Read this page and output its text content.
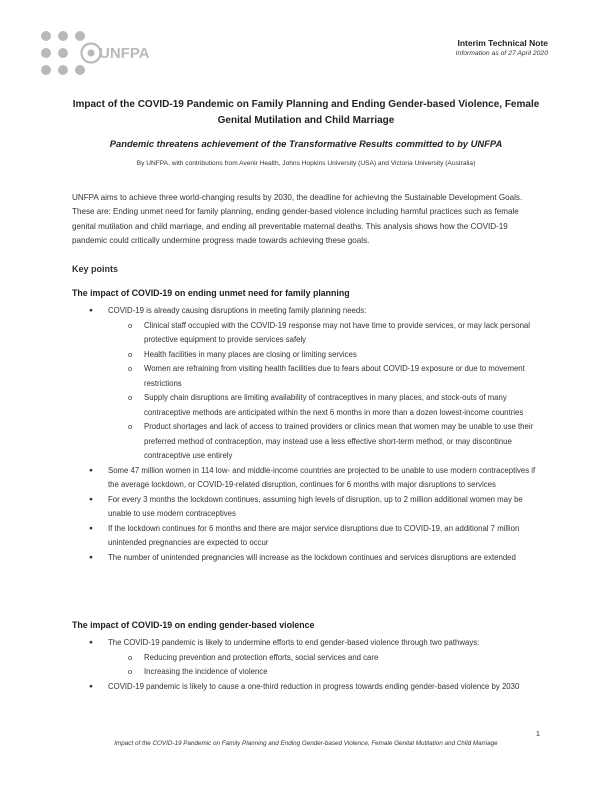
UNFPA
Interim Technical Note
Information as of 27 April 2020
Impact of the COVID-19 Pandemic on Family Planning and Ending Gender-based Violence, Female Genital Mutilation and Child Marriage
Pandemic threatens achievement of the Transformative Results committed to by UNFPA
By UNFPA, with contributions from Avenir Health, Johns Hopkins University (USA) and Victoria University (Australia)

UNFPA aims to achieve three world-changing results by 2030, the deadline for achieving the Sustainable Development Goals. These are: Ending unmet need for family planning, ending gender-based violence including harmful practices such as female genital mutilation and child marriage, and ending all preventable maternal deaths. This analysis shows how the COVID-19 pandemic could critically undermine progress made towards achieving these goals.

Key points
The impact of COVID-19 on ending unmet need for family planning
● COVID-19 is already causing disruptions in meeting family planning needs:
o Clinical staff occupied with the COVID-19 response may not have time to provide services, or may lack personal protective equipment to provide services safely
o Health facilities in many places are closing or limiting services
o Women are refraining from visiting health facilities due to fears about COVID-19 exposure or due to movement restrictions
o Supply chain disruptions are limiting availability of contraceptives in many places, and stock-outs of many contraceptive methods are anticipated within the next 6 months in more than a dozen lowest-income countries
o Product shortages and lack of access to trained providers or clinics mean that women may be unable to use their preferred method of contraception, may instead use a less effective short-term method, or may discontinue contraceptive use entirely
● Some 47 million women in 114 low- and middle-income countries are projected to be unable to use modern contraceptives if the average lockdown, or COVID-19-related disruption, continues for 6 months with major disruptions to services
● For every 3 months the lockdown continues, assuming high levels of disruption, up to 2 million additional women may be unable to use modern contraceptives
● If the lockdown continues for 6 months and there are major service disruptions due to COVID-19, an additional 7 million unintended pregnancies are expected to occur
● The number of unintended pregnancies will increase as the lockdown continues and services disruptions are extended
The impact of COVID-19 on ending gender-based violence
● The COVID-19 pandemic is likely to undermine efforts to end gender-based violence through two pathways:
o Reducing prevention and protection efforts, social services and care
o Increasing the incidence of violence
● COVID-19 pandemic is likely to cause a one-third reduction in progress towards ending gender-based violence by 2030
1
Impact of the COVID-19 Pandemic on Family Planning and Ending Gender-based Violence, Female Genital Mutilation and Child Marriage
